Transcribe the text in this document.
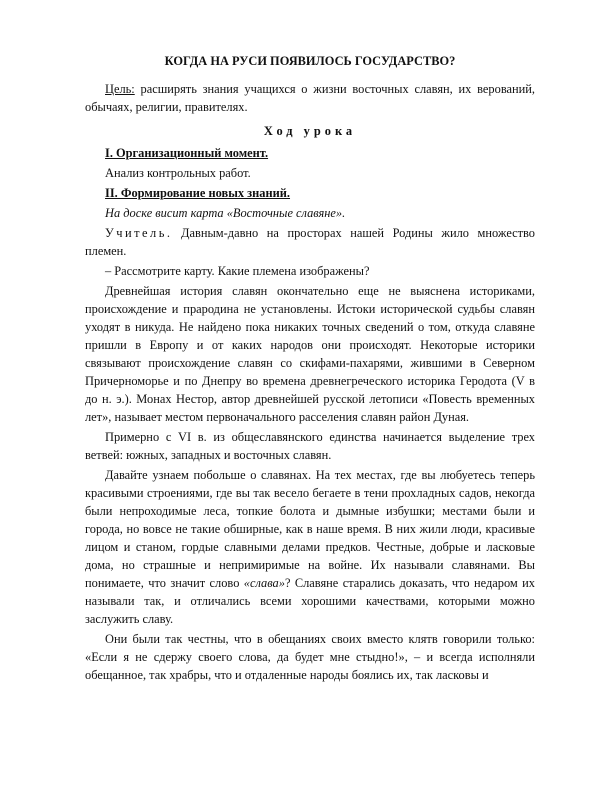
КОГДА НА РУСИ ПОЯВИЛОСЬ ГОСУДАРСТВО?
Цель: расширять знания учащихся о жизни восточных славян, их верований, обычаях, религии, правителях.
Ход урока
I. Организационный момент.
Анализ контрольных работ.
II. Формирование новых знаний.
На доске висит карта «Восточные славяне».
Учитель. Давным-давно на просторах нашей Родины жило множество племен.
– Рассмотрите карту. Какие племена изображены?
Древнейшая история славян окончательно еще не выяснена историками, происхождение и прародина не установлены. Истоки исторической судьбы славян уходят в никуда. Не найдено пока никаких точных сведений о том, откуда славяне пришли в Европу и от каких народов они происходят. Некоторые историки связывают происхождение славян со скифами-пахарями, жившими в Северном Причерноморье и по Днепру во времена древнегреческого историка Геродота (V в до н. э.). Монах Нестор, автор древнейшей русской летописи «Повесть временных лет», называет местом первоначального расселения славян район Дуная.
Примерно с VI в. из общеславянского единства начинается выделение трех ветвей: южных, западных и восточных славян.
Давайте узнаем побольше о славянах. На тех местах, где вы любуетесь теперь красивыми строениями, где вы так весело бегаете в тени прохладных садов, некогда были непроходимые леса, топкие болота и дымные избушки; местами были и города, но вовсе не такие обширные, как в наше время. В них жили люди, красивые лицом и станом, гордые славными делами предков. Честные, добрые и ласковые дома, но страшные и непримиримые на войне. Их называли славянами. Вы понимаете, что значит слово «слава»? Славяне старались доказать, что недаром их называли так, и отличались всеми хорошими качествами, которыми можно заслужить славу.
Они были так честны, что в обещаниях своих вместо клятв говорили только: «Если я не сдержу своего слова, да будет мне стыдно!», – и всегда исполняли обещанное, так храбры, что и отдаленные народы боялись их, так ласковы и
